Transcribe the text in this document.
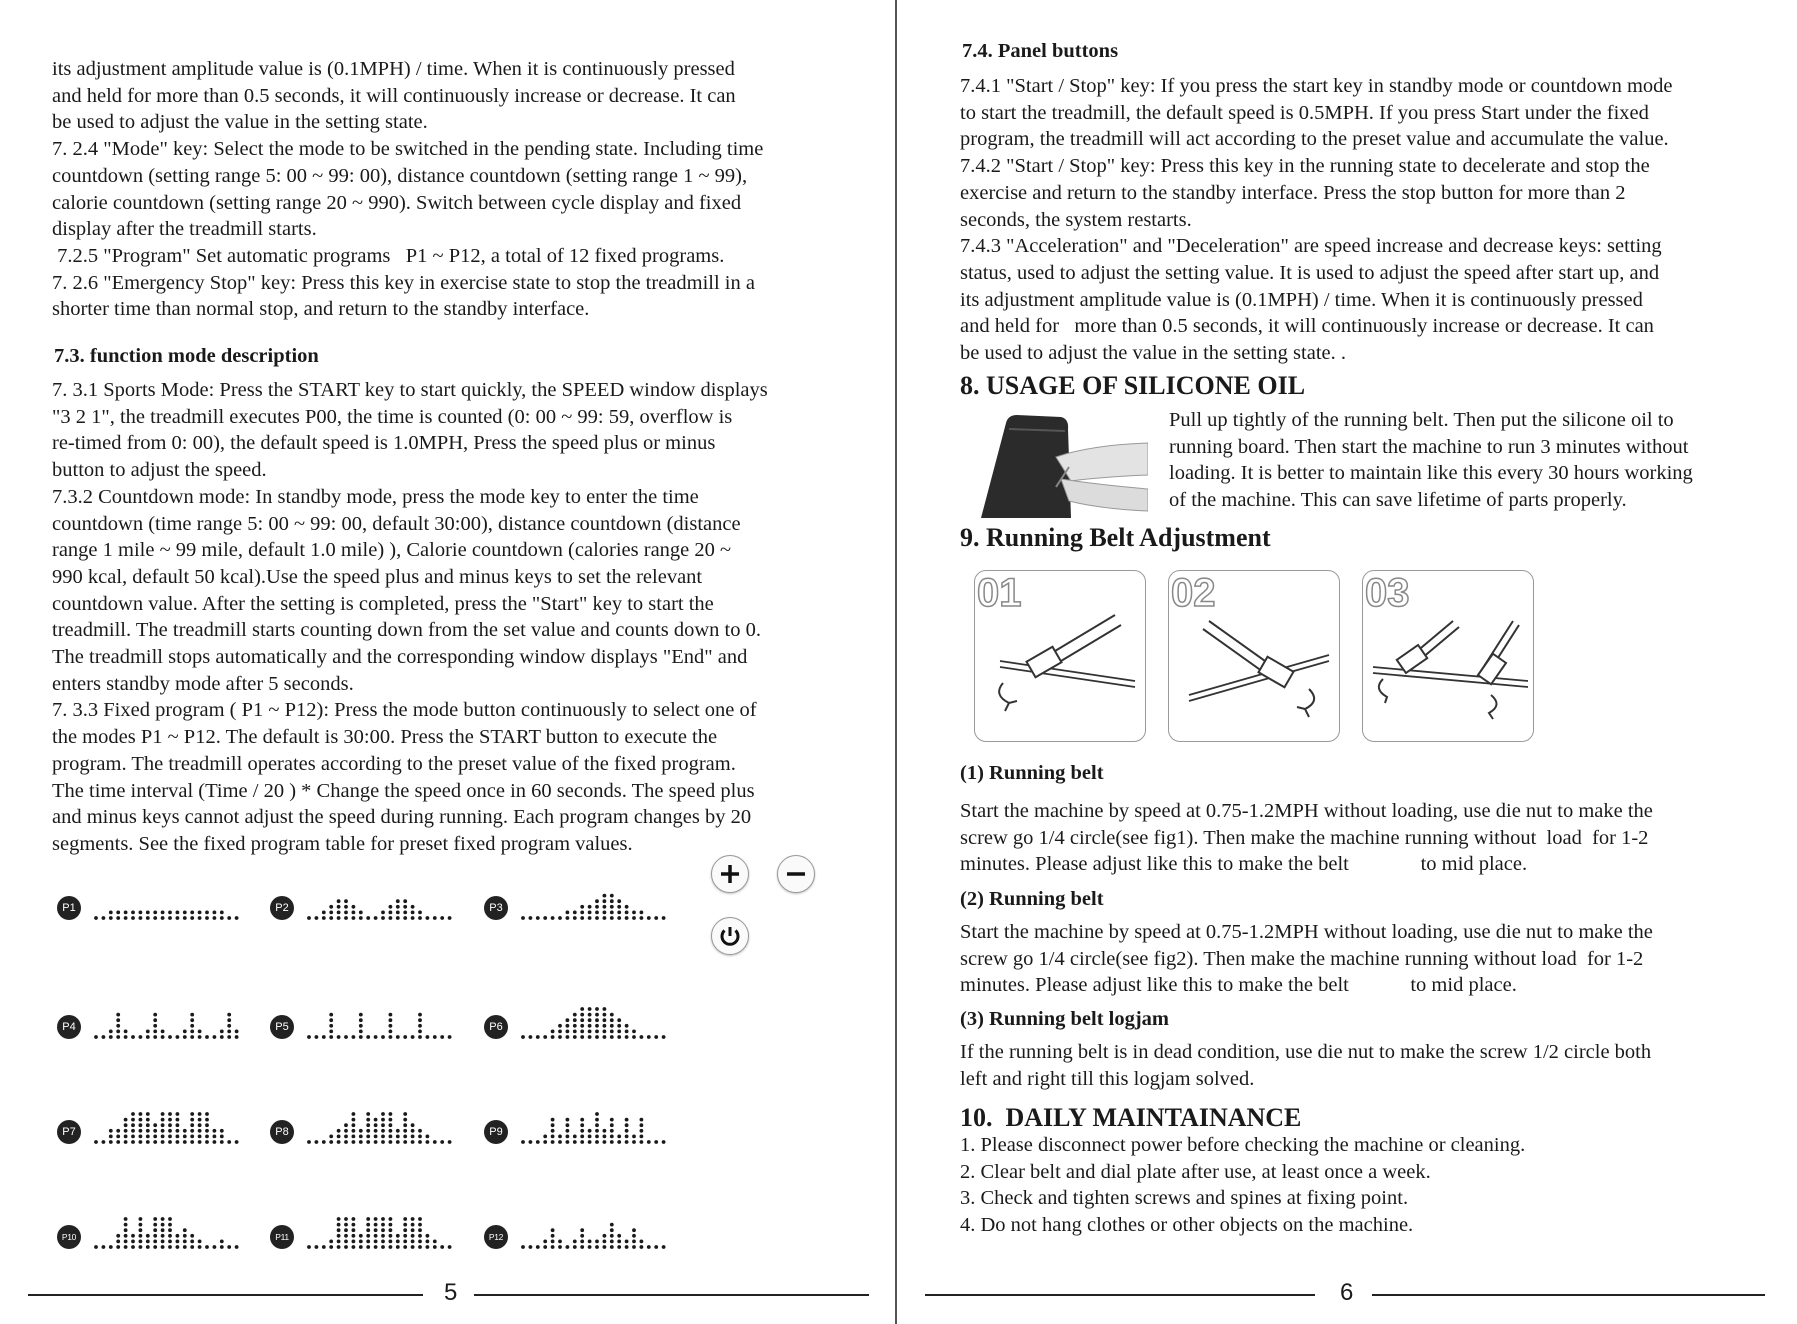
its adjustment amplitude value is (0.1MPH) / time. When it is continuously pressed

and held for more than 0.5 seconds, it will continuously increase or decrease. It can

be used to adjust the value in the setting state.

7. 2.4 "Mode" key: Select the mode to be switched in the pending state. Including time

countdown (setting range 5: 00 ~ 99: 00), distance countdown (setting range 1 ~ 99),

calorie countdown (setting range 20 ~ 990). Switch between cycle display and fixed

display after the treadmill starts.

7.2.5 "Program" Set automatic programs   P1 ~ P12, a total of 12 fixed programs.

7. 2.6 "Emergency Stop" key: Press this key in exercise state to stop the treadmill in a

shorter time than normal stop, and return to the standby interface.

7.3. function mode description

7. 3.1 Sports Mode: Press the START key to start quickly, the SPEED window displays

"3 2 1", the treadmill executes P00, the time is counted (0: 00 ~ 99: 59, overflow is

re-timed from 0: 00), the default speed is 1.0MPH, Press the speed plus or minus

button to adjust the speed.

7.3.2 Countdown mode: In standby mode, press the mode key to enter the time

countdown (time range 5: 00 ~ 99: 00, default 30:00), distance countdown (distance

range 1 mile ~ 99 mile, default 1.0 mile) ), Calorie countdown (calories range 20 ~

990 kcal, default 50 kcal).Use the speed plus and minus keys to set the relevant

countdown value. After the setting is completed, press the "Start" key to start the

treadmill. The treadmill starts counting down from the set value and counts down to 0.

The treadmill stops automatically and the corresponding window displays "End" and

enters standby mode after 5 seconds.

7. 3.3 Fixed program ( P1 ~ P12): Press the mode button continuously to select one of

the modes P1 ~ P12. The default is 30:00. Press the START button to execute the

program. The treadmill operates according to the preset value of the fixed program.

The time interval (Time / 20 ) * Change the speed once in 60 seconds. The speed plus

and minus keys cannot adjust the speed during running. Each program changes by 20

segments. See the fixed program table for preset fixed program values.

P1	P2	P3
P4	P5	P6
P7	P8	P9
P10	P11	P12
5
7.4. Panel buttons

7.4.1 "Start / Stop" key: If you press the start key in standby mode or countdown mode

to start the treadmill, the default speed is 0.5MPH. If you press Start under the fixed

program, the treadmill will act according to the preset value and accumulate the value.

7.4.2 "Start / Stop" key: Press this key in the running state to decelerate and stop the

exercise and return to the standby interface. Press the stop button for more than 2

seconds, the system restarts.

7.4.3 "Acceleration" and "Deceleration" are speed increase and decrease keys: setting

status, used to adjust the setting value. It is used to adjust the speed after start up, and

its adjustment amplitude value is (0.1MPH) / time. When it is continuously pressed

and held for   more than 0.5 seconds, it will continuously increase or decrease. It can

be used to adjust the value in the setting state. .

8. USAGE OF SILICONE OIL

Pull up tightly of the running belt. Then put the silicone oil to

running board. Then start the machine to run 3 minutes without

loading. It is better to maintain like this every 30 hours working

of the machine. This can save lifetime of parts properly.

9. Running Belt Adjustment
01	02	03
(1) Running belt

Start the machine by speed at 0.75-1.2MPH without loading, use die nut to make the

screw go 1/4 circle(see fig1). Then make the machine running without  load  for 1-2

minutes. Please adjust like this to make the belt              to mid place.

(2) Running belt

Start the machine by speed at 0.75-1.2MPH without loading, use die nut to make the

screw go 1/4 circle(see fig2). Then make the machine running without load  for 1-2

minutes. Please adjust like this to make the belt            to mid place.

(3) Running belt logjam

If the running belt is in dead condition, use die nut to make the screw 1/2 circle both

left and right till this logjam solved.

10.  DAILY MAINTAINANCE

1. Please disconnect power before checking the machine or cleaning.

2. Clear belt and dial plate after use, at least once a week.

3. Check and tighten screws and spines at fixing point.

4. Do not hang clothes or other objects on the machine.

6
